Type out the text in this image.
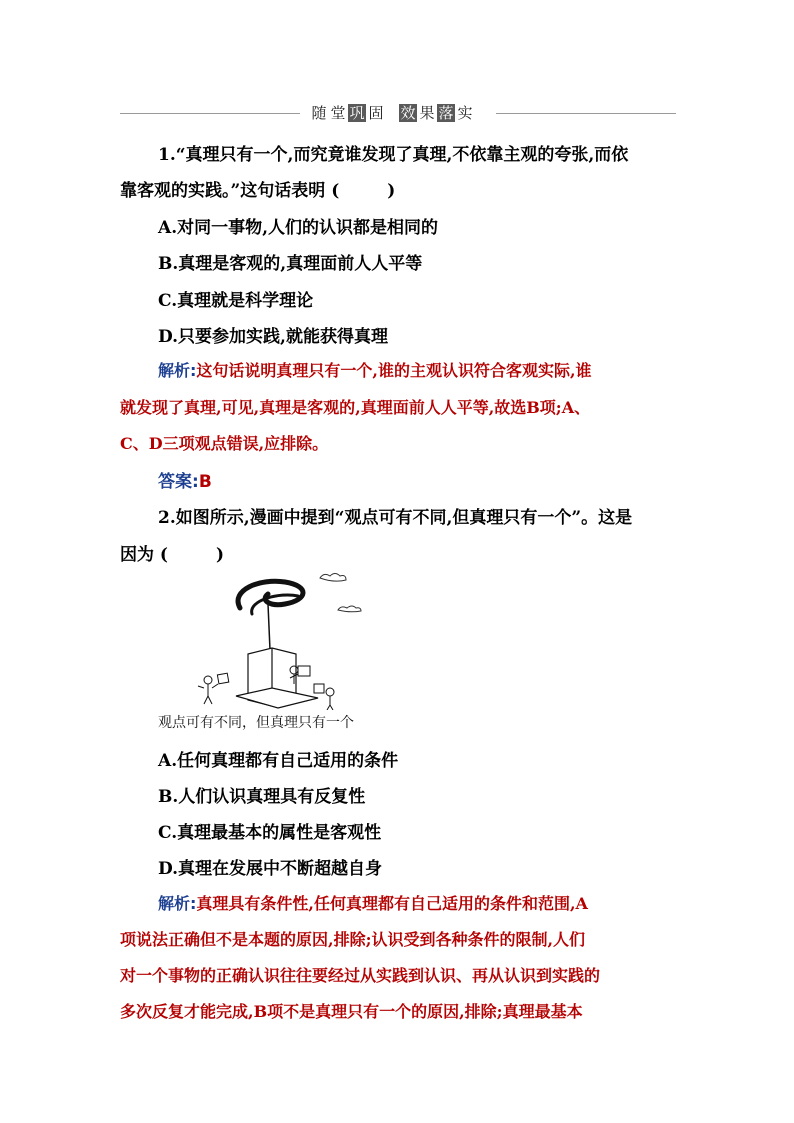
随 堂 巩 固 效 果 落 实
1.“真理只有一个,而究竟谁发现了真理,不依靠主观的夸张,而依
靠客观的实践。”这句话表明 (	)
A.对同一事物,人们的认识都是相同的
B.真理是客观的,真理面前人人平等
C.真理就是科学理论
D.只要参加实践,就能获得真理
解析:这句话说明真理只有一个,谁的主观认识符合客观实际,谁
就发现了真理,可见,真理是客观的,真理面前人人平等,故选B项;A、
C、D三项观点错误,应排除。
答案:B
2.如图所示,漫画中提到“观点可有不同,但真理只有一个”。这是
因为 (	)
观点可有不同，但真理只有一个
A.任何真理都有自己适用的条件
B.人们认识真理具有反复性
C.真理最基本的属性是客观性
D.真理在发展中不断超越自身
解析:真理具有条件性,任何真理都有自己适用的条件和范围,A
项说法正确但不是本题的原因,排除;认识受到各种条件的限制,人们
对一个事物的正确认识往往要经过从实践到认识、再从认识到实践的
多次反复才能完成,B项不是真理只有一个的原因,排除;真理最基本
